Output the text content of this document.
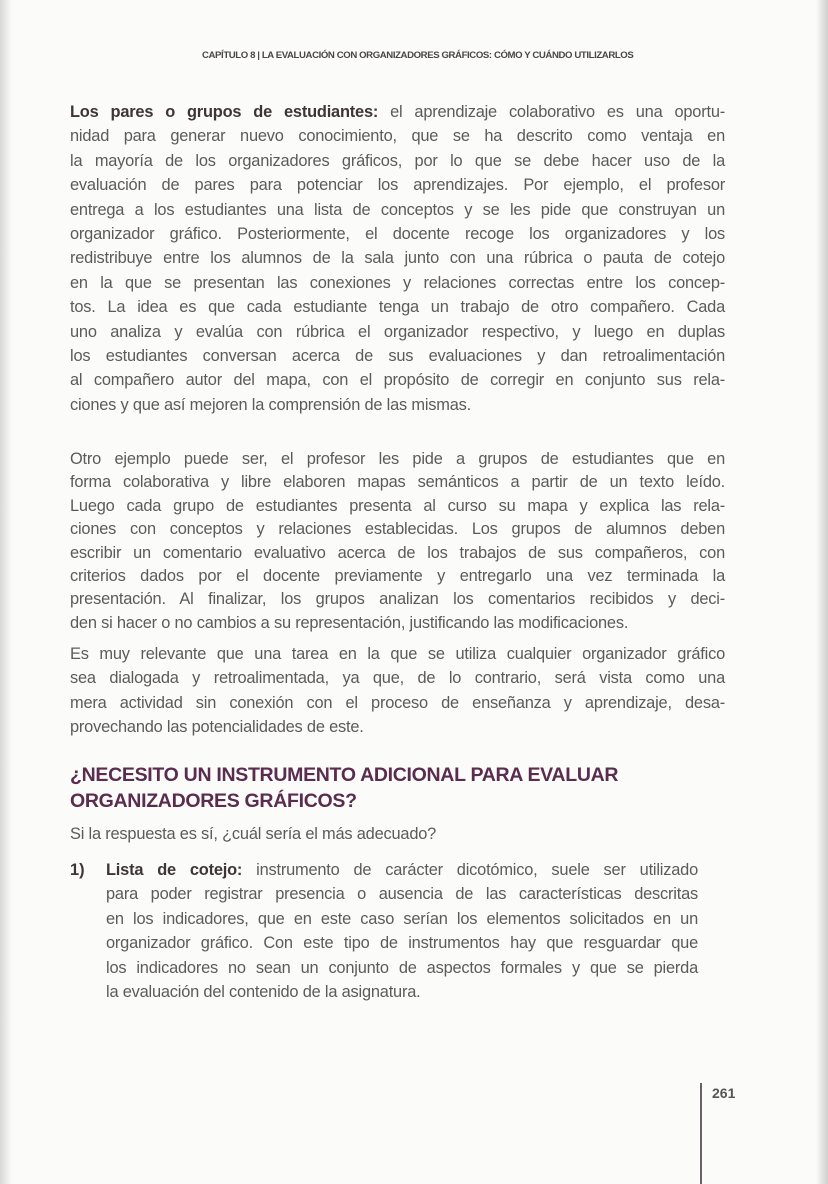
CAPÍTULO 8 | LA EVALUACIÓN CON ORGANIZADORES GRÁFICOS: CÓMO Y CUÁNDO UTILIZARLOS
Los pares o grupos de estudiantes: el aprendizaje colaborativo es una oportu-
nidad para generar nuevo conocimiento, que se ha descrito como ventaja en
la mayoría de los organizadores gráficos, por lo que se debe hacer uso de la
evaluación de pares para potenciar los aprendizajes. Por ejemplo, el profesor
entrega a los estudiantes una lista de conceptos y se les pide que construyan un
organizador gráfico. Posteriormente, el docente recoge los organizadores y los
redistribuye entre los alumnos de la sala junto con una rúbrica o pauta de cotejo
en la que se presentan las conexiones y relaciones correctas entre los concep-
tos. La idea es que cada estudiante tenga un trabajo de otro compañero. Cada
uno analiza y evalúa con rúbrica el organizador respectivo, y luego en duplas
los estudiantes conversan acerca de sus evaluaciones y dan retroalimentación
al compañero autor del mapa, con el propósito de corregir en conjunto sus rela-
ciones y que así mejoren la comprensión de las mismas.
Otro ejemplo puede ser, el profesor les pide a grupos de estudiantes que en
forma colaborativa y libre elaboren mapas semánticos a partir de un texto leído.
Luego cada grupo de estudiantes presenta al curso su mapa y explica las rela-
ciones con conceptos y relaciones establecidas. Los grupos de alumnos deben
escribir un comentario evaluativo acerca de los trabajos de sus compañeros, con
criterios dados por el docente previamente y entregarlo una vez terminada la
presentación. Al finalizar, los grupos analizan los comentarios recibidos y deci-
den si hacer o no cambios a su representación, justificando las modificaciones.
Es muy relevante que una tarea en la que se utiliza cualquier organizador gráfico
sea dialogada y retroalimentada, ya que, de lo contrario, será vista como una
mera actividad sin conexión con el proceso de enseñanza y aprendizaje, desa-
provechando las potencialidades de este.
¿NECESITO UN INSTRUMENTO ADICIONAL PARA EVALUAR
ORGANIZADORES GRÁFICOS?
Si la respuesta es sí, ¿cuál sería el más adecuado?
1) Lista de cotejo: instrumento de carácter dicotómico, suele ser utilizado
para poder registrar presencia o ausencia de las características descritas
en los indicadores, que en este caso serían los elementos solicitados en un
organizador gráfico. Con este tipo de instrumentos hay que resguardar que
los indicadores no sean un conjunto de aspectos formales y que se pierda
la evaluación del contenido de la asignatura.
261
